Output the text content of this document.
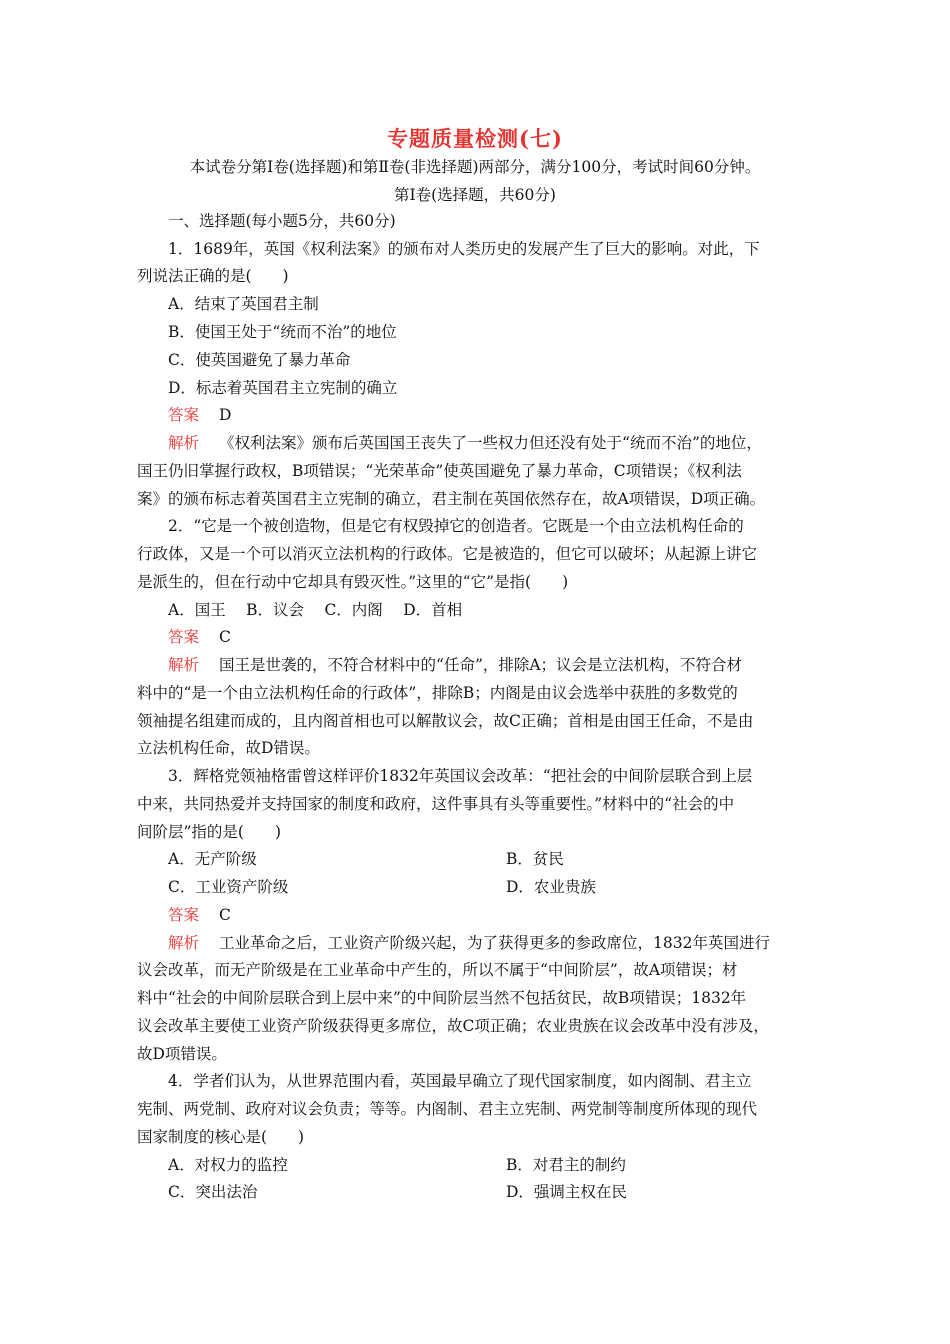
专题质量检测(七)
本试卷分第Ⅰ卷(选择题)和第Ⅱ卷(非选择题)两部分，满分100分，考试时间60分钟。
第Ⅰ卷(选择题，共60分)
一、选择题(每小题5分，共60分)
1．1689年，英国《权利法案》的颁布对人类历史的发展产生了巨大的影响。对此，下
列说法正确的是(　　)
A．结束了英国君主制
B．使国王处于“统而不治”的地位
C．使英国避免了暴力革命
D．标志着英国君主立宪制的确立
答案 D
解析 《权利法案》颁布后英国国王丧失了一些权力但还没有处于“统而不治”的地位，
国王仍旧掌握行政权，B项错误；“光荣革命”使英国避免了暴力革命，C项错误；《权利法
案》的颁布标志着英国君主立宪制的确立，君主制在英国依然存在，故A项错误，D项正确。
2．“它是一个被创造物，但是它有权毁掉它的创造者。它既是一个由立法机构任命的
行政体，又是一个可以消灭立法机构的行政体。它是被造的，但它可以破坏；从起源上讲它
是派生的，但在行动中它却具有毁灭性。”这里的“它”是指(　　)
A．国王　 B．议会　 C．内阁　 D．首相
答案 C
解析 国王是世袭的，不符合材料中的“任命”，排除A；议会是立法机构，不符合材
料中的“是一个由立法机构任命的行政体”，排除B；内阁是由议会选举中获胜的多数党的
领袖提名组建而成的，且内阁首相也可以解散议会，故C正确；首相是由国王任命，不是由
立法机构任命，故D错误。
3．辉格党领袖格雷曾这样评价1832年英国议会改革：“把社会的中间阶层联合到上层
中来，共同热爱并支持国家的制度和政府，这件事具有头等重要性。”材料中的“社会的中
间阶层”指的是(　　)
A．无产阶级	B．贫民
C．工业资产阶级	D．农业贵族
答案 C
解析 工业革命之后，工业资产阶级兴起，为了获得更多的参政席位，1832年英国进行
议会改革，而无产阶级是在工业革命中产生的，所以不属于“中间阶层”，故A项错误；材
料中“社会的中间阶层联合到上层中来”的中间阶层当然不包括贫民，故B项错误；1832年
议会改革主要使工业资产阶级获得更多席位，故C项正确；农业贵族在议会改革中没有涉及，
故D项错误。
4．学者们认为，从世界范围内看，英国最早确立了现代国家制度，如内阁制、君主立
宪制、两党制、政府对议会负责；等等。内阁制、君主立宪制、两党制等制度所体现的现代
国家制度的核心是(　　)
A．对权力的监控	B．对君主的制约
C．突出法治	D．强调主权在民
